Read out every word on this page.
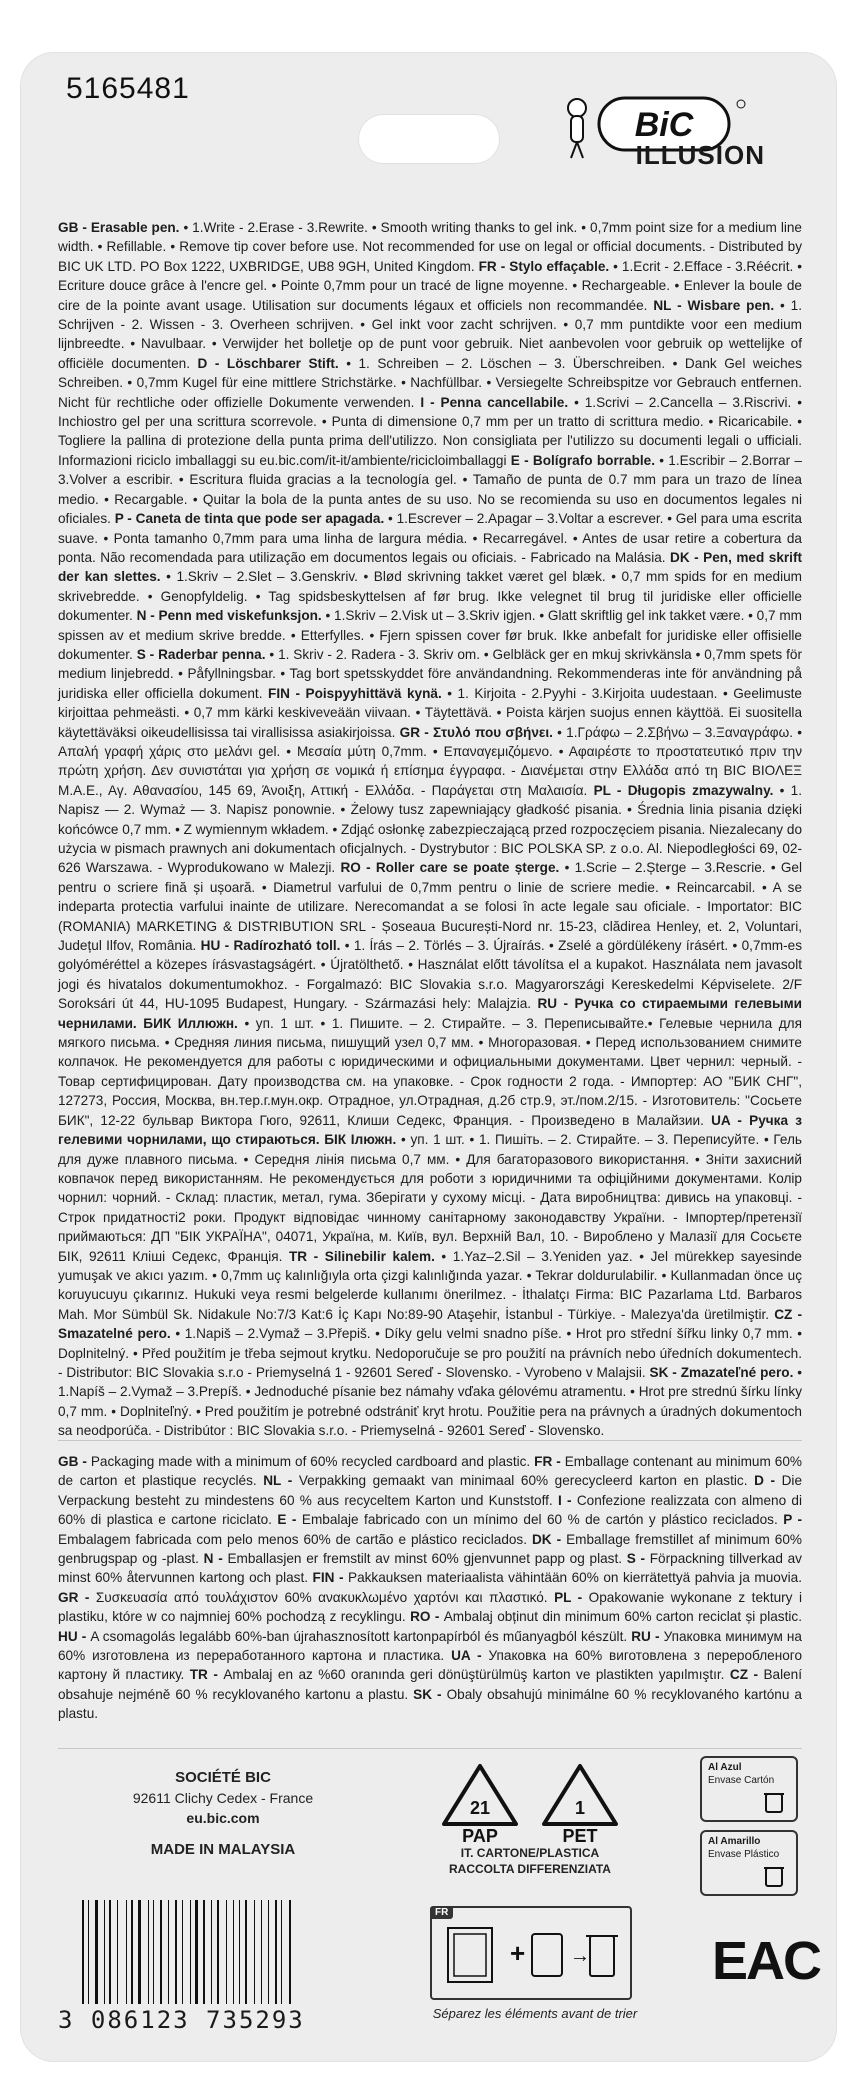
5165481
BiC
ILLUSION

GB - Erasable pen. • 1.Write - 2.Erase - 3.Rewrite. • Smooth writing thanks to gel ink. • 0,7mm point size for a medium line width. • Refillable. • Remove tip cover before use. Not recommended for use on legal or official documents. - Distributed by BIC UK LTD. PO Box 1222, UXBRIDGE, UB8 9GH, United Kingdom. FR - Stylo effaçable. • 1.Ecrit - 2.Efface - 3.Réécrit. • Ecriture douce grâce à l'encre gel. • Pointe 0,7mm pour un tracé de ligne moyenne. • Rechargeable. • Enlever la boule de cire de la pointe avant usage. Utilisation sur documents légaux et officiels non recommandée. NL - Wisbare pen. • 1. Schrijven - 2. Wissen - 3. Overheen schrijven. • Gel inkt voor zacht schrijven. • 0,7 mm puntdikte voor een medium lijnbreedte. • Navulbaar. • Verwijder het bolletje op de punt voor gebruik. Niet aanbevolen voor gebruik op wettelijke of officiële documenten. D - Löschbarer Stift. • 1. Schreiben – 2. Löschen – 3. Überschreiben. • Dank Gel weiches Schreiben. • 0,7mm Kugel für eine mittlere Strichstärke. • Nachfüllbar. • Versiegelte Schreibspitze vor Gebrauch entfernen. Nicht für rechtliche oder offizielle Dokumente verwenden. I - Penna cancellabile. • 1.Scrivi – 2.Cancella – 3.Riscrivi. • Inchiostro gel per una scrittura scorrevole. • Punta di dimensione 0,7 mm per un tratto di scrittura medio. • Ricaricabile. • Togliere la pallina di protezione della punta prima dell'utilizzo. Non consigliata per l'utilizzo su documenti legali o ufficiali. Informazioni riciclo imballaggi su eu.bic.com/it-it/ambiente/ricicloimballaggi E - Bolígrafo borrable. • 1.Escribir – 2.Borrar – 3.Volver a escribir. • Escritura fluida gracias a la tecnología gel. • Tamaño de punta de 0.7 mm para un trazo de línea medio. • Recargable. • Quitar la bola de la punta antes de su uso. No se recomienda su uso en documentos legales ni oficiales. P - Caneta de tinta que pode ser apagada. • 1.Escrever – 2.Apagar – 3.Voltar a escrever. • Gel para uma escrita suave. • Ponta tamanho 0,7mm para uma linha de largura média. • Recarregável. • Antes de usar retire a cobertura da ponta. Não recomendada para utilização em documentos legais ou oficiais. - Fabricado na Malásia. DK - Pen, med skrift der kan slettes. • 1.Skriv – 2.Slet – 3.Genskriv. • Blød skrivning takket været gel blæk. • 0,7 mm spids for en medium skrivebredde. • Genopfyldelig. • Tag spidsbeskyttelsen af før brug. Ikke velegnet til brug til juridiske eller officielle dokumenter. N - Penn med viskefunksjon. • 1.Skriv – 2.Visk ut – 3.Skriv igjen. • Glatt skriftlig gel ink takket være. • 0,7 mm spissen av et medium skrive bredde. • Etterfylles. • Fjern spissen cover før bruk. Ikke anbefalt for juridiske eller offisielle dokumenter. S - Raderbar penna. • 1. Skriv - 2. Radera - 3. Skriv om. • Gelbläck ger en mkuj skrivkänsla • 0,7mm spets för medium linjebredd. • Påfyllningsbar. • Tag bort spetsskyddet före användandning. Rekommenderas inte för användning på juridiska eller officiella dokument. FIN - Poispyyhittävä kynä. • 1. Kirjoita - 2.Pyyhi - 3.Kirjoita uudestaan. • Geelimuste kirjoittaa pehmeästi. • 0,7 mm kärki keskiveveään viivaan. • Täytettävä. • Poista kärjen suojus ennen käyttöä. Ei suositella käytettäväksi oikeudellisissa tai virallisissa asiakirjoissa. GR - Στυλό που σβήνει. • 1.Γράφω – 2.Σβήνω – 3.Ξαναγράφω. • Απαλή γραφή χάρις στο μελάνι gel. • Μεσαία μύτη 0,7mm. • Επαναγεμιζόμενο. • Αφαιρέστε το προστατευτικό πριν την πρώτη χρήση. Δεν συνιστάται για χρήση σε νομικά ή επίσημα έγγραφα. - Διανέμεται στην Ελλάδα από τη ΒΙC ΒΙΟΛΕΞ Μ.Α.Ε., Αγ. Αθανασίου, 145 69, Άνοιξη, Αττική - Ελλάδα. - Παράγεται στη Μαλαισία. PL - Długopis zmazywalny. • 1. Napisz — 2. Wymaż — 3. Napisz ponownie. • Żelowy tusz zapewniający gładkość pisania. • Średnia linia pisania dzięki końcówce 0,7 mm. • Z wymiennym wkładem. • Zdjąć osłonkę zabezpieczającą przed rozpoczęciem pisania. Niezalecany do użycia w pismach prawnych ani dokumentach oficjalnych. - Dystrybutor : BIC POLSKA SP. z o.o. Al. Niepodległości 69, 02-626 Warszawa. - Wyprodukowano w Malezji. RO - Roller care se poate șterge. • 1.Scrie – 2.Șterge – 3.Rescrie. • Gel pentru o scriere fină și ușoară. • Diametrul varfului de 0,7mm pentru o linie de scriere medie. • Reincarcabil. • A se indeparta protectia varfului inainte de utilizare. Nerecomandat a se folosi în acte legale sau oficiale. - Importator: BIC (ROMANIA) MARKETING & DISTRIBUTION SRL - Șoseaua București-Nord nr. 15-23, clădirea Henley, et. 2, Voluntari, Județul Ilfov, România. HU - Radírozható toll. • 1. Írás – 2. Törlés – 3. Újraírás. • Zselé a gördülékeny írásért. • 0,7mm-es golyóméréttel a közepes írásvastagságért. • Újratölthető. • Használat előtt távolítsa el a kupakot. Használata nem javasolt jogi és hivatalos dokumentumokhoz. - Forgalmazó: BIC Slovakia s.r.o. Magyarországi Kereskedelmi Képviselete. 2/F Soroksári út 44, HU-1095 Budapest, Hungary. - Származási hely: Malajzia. RU - Ручка со стираемыми гелевыми чернилами. БИК Иллюжн. • уп. 1 шт. • 1. Пишите. – 2. Стирайте. – 3. Переписывайте.• Гелевые чернила для мягкого письма. • Средняя линия письма, пишущий узел 0,7 мм. • Многоразовая. • Перед использованием снимите колпачок. Не рекомендуется для работы с юридическими и официальными документами. Цвет чернил: черный. - Товар сертифицирован. Дату производства см. на упаковке. - Срок годности 2 года. - Импортер: АО "БИК СНГ", 127273, Россия, Москва, вн.тер.г.мун.окр. Отрадное, ул.Отрадная, д.2б стр.9, эт./пом.2/15. - Изготовитель: "Сосьете БИК", 12-22 бульвар Виктора Гюго, 92611, Клиши Седекс, Франция. - Произведено в Малайзии. UA - Ручка з гелевими чорнилами, що стираються. БІК Ілюжн. • уп. 1 шт. • 1. Пишіть. – 2. Стирайте. – 3. Переписуйте. • Гель для дуже плавного письма. • Середня лінія письма 0,7 мм. • Для багаторазового використання. • Зніти захисний ковпачок перед використанням. Не рекомендується для роботи з юридичними та офіційними документами. Колір чорнил: чорний. - Склад: пластик, метал, гума. Зберігати у сухому місці. - Дата виробництва: дивись на упаковці. - Строк придатності2 роки. Продукт відповідає чинному санітарному законодавству України. - Імпортер/претензії приймаються: ДП "БІК УКРАЇНА", 04071, Україна, м. Київ, вул. Верхній Вал, 10. - Вироблено у Малазії для Сосьєте БІК, 92611 Кліші Седекс, Франція. TR - Silinebilir kalem. • 1.Yaz–2.Sil – 3.Yeniden yaz. • Jel mürekkep sayesinde yumuşak ve akıcı yazım. • 0,7mm uç kalınlığıyla orta çizgi kalınlığında yazar. • Tekrar doldurulabilir. • Kullanmadan önce uç koruyucuyu çıkarınız. Hukuki veya resmi belgelerde kullanımı önerilmez. - İthalatçı Firma: BIC Pazarlama Ltd. Barbaros Mah. Mor Sümbül Sk. Nidakule No:7/3 Kat:6 İç Kapı No:89-90 Ataşehir, İstanbul - Türkiye. - Malezya'da üretilmiştir. CZ - Smazatelné pero. • 1.Napiš – 2.Vymaž – 3.Přepiš. • Díky gelu velmi snadno píše. • Hrot pro střední šířku linky 0,7 mm. • Doplnitelný. • Před použitím je třeba sejmout krytku. Nedoporučuje se pro použití na právních nebo úředních dokumentech. - Distributor: BIC Slovakia s.r.o - Priemyselná 1 - 92601 Sereď - Slovensko. - Vyrobeno v Malajsii. SK - Zmazateľné pero. • 1.Napíš – 2.Vymaž – 3.Prepíš. • Jednoduché písanie bez námahy vďaka gélovému atramentu. • Hrot pre strednú šírku línky 0,7 mm. • Doplniteľný. • Pred použitím je potrebné odstrániť kryt hrotu. Použitie pera na právnych a úradných dokumentoch sa neodporúča. - Distribútor : BIC Slovakia s.r.o. - Priemyselná - 92601 Sereď - Slovensko.

GB - Packaging made with a minimum of 60% recycled cardboard and plastic. FR - Emballage contenant au minimum 60% de carton et plastique recyclés. NL - Verpakking gemaakt van minimaal 60% gerecycleerd karton en plastic. D - Die Verpackung besteht zu mindestens 60 % aus recyceltem Karton und Kunststoff. I - Confezione realizzata con almeno di 60% di plastica e cartone riciclato. E - Embalaje fabricado con un mínimo del 60 % de cartón y plástico reciclados. P - Embalagem fabricada com pelo menos 60% de cartão e plástico reciclados. DK - Emballage fremstillet af minimum 60% genbrugspap og -plast. N - Emballasjen er fremstilt av minst 60% gjenvunnet papp og plast. S - Förpackning tillverkad av minst 60% återvunnen kartong och plast. FIN - Pakkauksen materiaalista vähintään 60% on kierrätettyä pahvia ja muovia. GR - Συσκευασία από τουλάχιστον 60% ανακυκλωμένο χαρτόνι και πλαστικό. PL - Opakowanie wykonane z tektury i plastiku, które w co najmniej 60% pochodzą z recyklingu. RO - Ambalaj obținut din minimum 60% carton reciclat și plastic. HU - A csomagolás legalább 60%-ban újrahasznosított kartonpapírból és műanyagból készült. RU - Упаковка минимум на 60% изготовлена из переработанного картона и пластика. UA - Упаковка на 60% виготовлена з переробленого картону й пластику. TR - Ambalaj en az %60 oranında geri dönüştürülmüş karton ve plastikten yapılmıştır. CZ - Balení obsahuje nejméně 60 % recyklovaného kartonu a plastu. SK - Obaly obsahujú minimálne 60 % recyklovaného kartónu a plastu.

SOCIÉTÉ BIC
92611 Clichy Cedex - France
eu.bic.com
MADE IN MALAYSIA
21	1
PAP	PET
IT. CARTONE/PLASTICA
RACCOLTA DIFFERENZIATA
Al Azul
Envase Cartón
Al Amarillo
Envase Plástico
FR
+ →
Séparez les éléments avant de trier
3 086123 735293
EAC
